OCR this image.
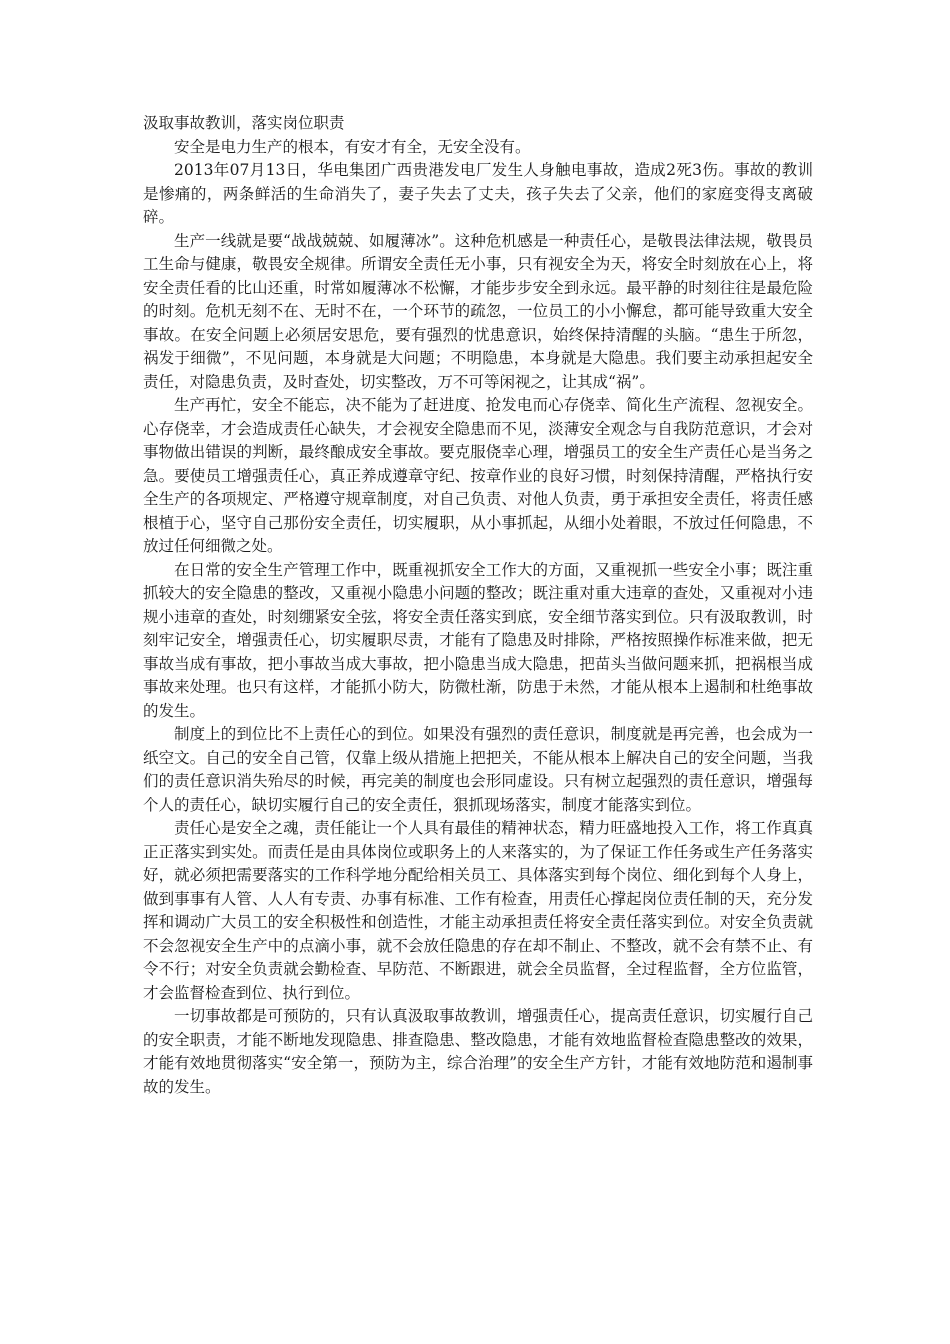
汲取事故教训，落实岗位职责

安全是电力生产的根本，有安才有全，无安全没有。

2013年07月13日，华电集团广西贵港发电厂发生人身触电事故，造成2死3伤。事故的教训是惨痛的，两条鲜活的生命消失了，妻子失去了丈夫，孩子失去了父亲，他们的家庭变得支离破碎。

生产一线就是要“战战兢兢、如履薄冰”。这种危机感是一种责任心，是敬畏法律法规，敬畏员工生命与健康，敬畏安全规律。所谓安全责任无小事，只有视安全为天，将安全时刻放在心上，将安全责任看的比山还重，时常如履薄冰不松懈，才能步步安全到永远。最平静的时刻往往是最危险的时刻。危机无刻不在、无时不在，一个环节的疏忽，一位员工的小小懈怠，都可能导致重大安全事故。在安全问题上必须居安思危，要有强烈的忧患意识，始终保持清醒的头脑。“患生于所忽，祸发于细微”，不见问题，本身就是大问题；不明隐患，本身就是大隐患。我们要主动承担起安全责任，对隐患负责，及时查处，切实整改，万不可等闲视之，让其成“祸”。

生产再忙，安全不能忘，决不能为了赶进度、抢发电而心存侥幸、简化生产流程、忽视安全。心存侥幸，才会造成责任心缺失，才会视安全隐患而不见，淡薄安全观念与自我防范意识，才会对事物做出错误的判断，最终酿成安全事故。要克服侥幸心理，增强员工的安全生产责任心是当务之急。要使员工增强责任心，真正养成遵章守纪、按章作业的良好习惯，时刻保持清醒，严格执行安全生产的各项规定、严格遵守规章制度，对自己负责、对他人负责，勇于承担安全责任，将责任感根植于心，坚守自己那份安全责任，切实履职，从小事抓起，从细小处着眼，不放过任何隐患，不放过任何细微之处。

在日常的安全生产管理工作中，既重视抓安全工作大的方面，又重视抓一些安全小事；既注重抓较大的安全隐患的整改，又重视小隐患小问题的整改；既注重对重大违章的查处，又重视对小违规小违章的查处，时刻绷紧安全弦，将安全责任落实到底，安全细节落实到位。只有汲取教训，时刻牢记安全，增强责任心，切实履职尽责，才能有了隐患及时排除，严格按照操作标准来做，把无事故当成有事故，把小事故当成大事故，把小隐患当成大隐患，把苗头当做问题来抓，把祸根当成事故来处理。也只有这样，才能抓小防大，防微杜渐，防患于未然，才能从根本上遏制和杜绝事故的发生。

制度上的到位比不上责任心的到位。如果没有强烈的责任意识，制度就是再完善，也会成为一纸空文。自己的安全自己管，仅靠上级从措施上把把关，不能从根本上解决自己的安全问题，当我们的责任意识消失殆尽的时候，再完美的制度也会形同虚设。只有树立起强烈的责任意识，增强每个人的责任心，缺切实履行自己的安全责任，狠抓现场落实，制度才能落实到位。

责任心是安全之魂，责任能让一个人具有最佳的精神状态，精力旺盛地投入工作，将工作真真正正落实到实处。而责任是由具体岗位或职务上的人来落实的，为了保证工作任务或生产任务落实好，就必须把需要落实的工作科学地分配给相关员工、具体落实到每个岗位、细化到每个人身上，做到事事有人管、人人有专责、办事有标准、工作有检查，用责任心撑起岗位责任制的天，充分发挥和调动广大员工的安全积极性和创造性，才能主动承担责任将安全责任落实到位。对安全负责就不会忽视安全生产中的点滴小事，就不会放任隐患的存在却不制止、不整改，就不会有禁不止、有令不行；对安全负责就会勤检查、早防范、不断跟进，就会全员监督，全过程监督，全方位监管，才会监督检查到位、执行到位。

一切事故都是可预防的，只有认真汲取事故教训，增强责任心，提高责任意识，切实履行自己的安全职责，才能不断地发现隐患、排查隐患、整改隐患，才能有效地监督检查隐患整改的效果，才能有效地贯彻落实“安全第一，预防为主，综合治理”的安全生产方针，才能有效地防范和遏制事故的发生。
